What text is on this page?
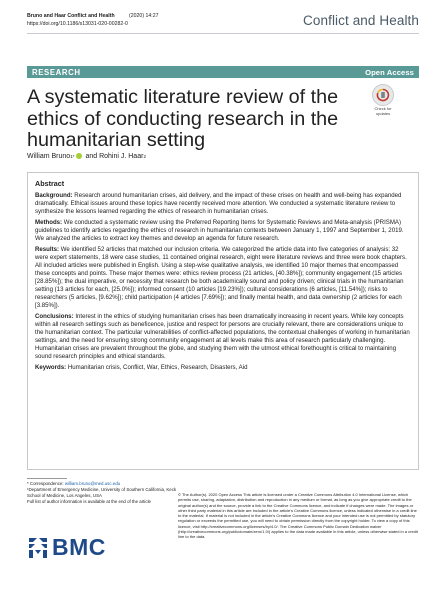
Bruno and Haar Conflict and Health	(2020) 14:27
https://doi.org/10.1186/s13031-020-00282-0	Conflict and Health
RESEARCH	Open Access
A systematic literature review of the ethics of conducting research in the humanitarian setting
Check for
updates
William Bruno 1* and Rohini J. Haar 2
Abstract

Background: Research around humanitarian crises, aid delivery, and the impact of these crises on health and well-being has expanded dramatically. Ethical issues around these topics have recently received more attention. We conducted a systematic literature review to synthesize the lessons learned regarding the ethics of research in humanitarian crises.

Methods: We conducted a systematic review using the Preferred Reporting Items for Systematic Reviews and Meta-analysis (PRISMA) guidelines to identify articles regarding the ethics of research in humanitarian contexts between January 1, 1997 and September 1, 2019. We analyzed the articles to extract key themes and develop an agenda for future research.

Results: We identified 52 articles that matched our inclusion criteria. We categorized the article data into five categories of analysis: 32 were expert statements, 18 were case studies, 11 contained original research, eight were literature reviews and three were book chapters. All included articles were published in English. Using a step-wise qualitative analysis, we identified 10 major themes that encompassed these concepts and points. These major themes were: ethics review process (21 articles, [40.38%]); community engagement (15 articles [28.85%]); the dual imperative, or necessity that research be both academically sound and policy driven; clinical trials in the humanitarian setting (13 articles for each, [25.0%]); informed consent (10 articles [19.23%]); cultural considerations (6 articles, [11.54%]); risks to researchers (5 articles, [9.62%]); child participation (4 articles [7.69%]); and finally mental health, and data ownership (2 articles for each [3.85%]).

Conclusions: Interest in the ethics of studying humanitarian crises has been dramatically increasing in recent years. While key concepts within all research settings such as beneficence, justice and respect for persons are crucially relevant, there are considerations unique to the humanitarian context. The particular vulnerabilities of conflict-affected populations, the contextual challenges of working in humanitarian settings, and the need for ensuring strong community engagement at all levels make this area of research particularly challenging. Humanitarian crises are prevalent throughout the globe, and studying them with the utmost ethical forethought is critical to maintaining sound research principles and ethical standards.

Keywords: Humanitarian crisis, Conflict, War, Ethics, Research, Disasters, Aid

* Correspondence: william.bruno@med.usc.edu
¹Department of Emergency Medicine, University of Southern California, Keck
School of Medicine, Los Angeles, USA
Full list of author information is available at the end of the article
BMC
© The Author(s). 2020 Open Access This article is licensed under a Creative Commons Attribution 4.0 International License, which permits use, sharing, adaptation, distribution and reproduction in any medium or format, as long as you give appropriate credit to the original author(s) and the source, provide a link to the Creative Commons licence, and indicate if changes were made. The images or other third party material in this article are included in the article's Creative Commons licence, unless indicated otherwise in a credit line to the material. If material is not included in the article's Creative Commons licence and your intended use is not permitted by statutory regulation or exceeds the permitted use, you will need to obtain permission directly from the copyright holder. To view a copy of this licence, visit http://creativecommons.org/licenses/by/4.0/. The Creative Commons Public Domain Dedication waiver (http://creativecommons.org/publicdomain/zero/1.0/) applies to the data made available in this article, unless otherwise stated in a credit line to the data.
